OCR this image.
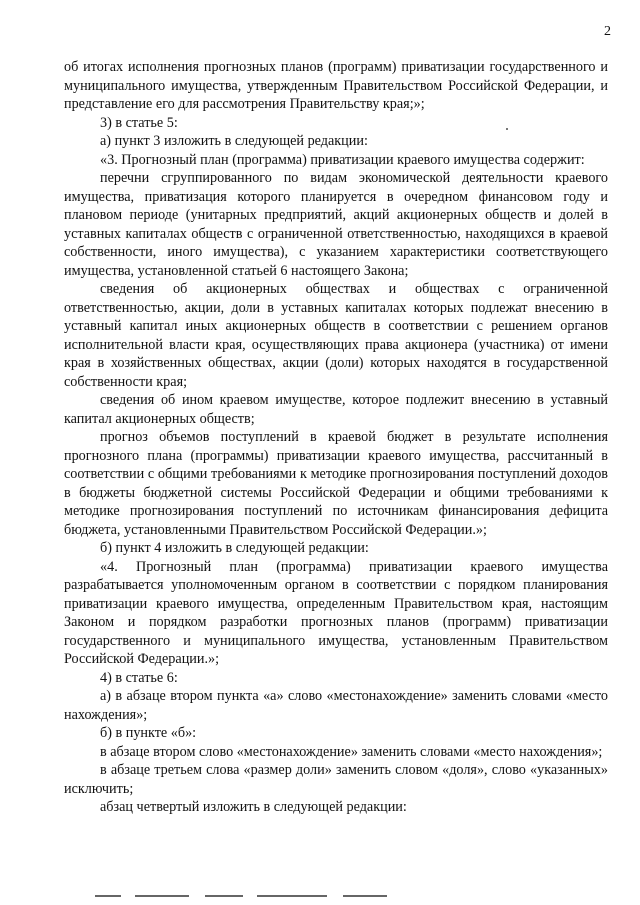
2

об итогах исполнения прогнозных планов (программ) приватизации государственного и муниципального имущества, утвержденным Правительством Российской Федерации, и представление его для рассмотрения Правительству края;»;

3) в статье 5:

а) пункт 3 изложить в следующей редакции:

«3. Прогнозный план (программа) приватизации краевого имущества содержит:

перечни сгруппированного по видам экономической деятельности краевого имущества, приватизация которого планируется в очередном финансовом году и плановом периоде (унитарных предприятий, акций акционерных обществ и долей в уставных капиталах обществ с ограниченной ответственностью, находящихся в краевой собственности, иного имущества), с указанием характеристики соответствующего имущества, установленной статьей 6 настоящего Закона;

сведения об акционерных обществах и обществах с ограниченной ответственностью, акции, доли в уставных капиталах которых подлежат внесению в уставный капитал иных акционерных обществ в соответствии с решением органов исполнительной власти края, осуществляющих права акционера (участника) от имени края в хозяйственных обществах, акции (доли) которых находятся в государственной собственности края;

сведения об ином краевом имуществе, которое подлежит внесению в уставный капитал акционерных обществ;

прогноз объемов поступлений в краевой бюджет в результате исполнения прогнозного плана (программы) приватизации краевого имущества, рассчитанный в соответствии с общими требованиями к методике прогнозирования поступлений доходов в бюджеты бюджетной системы Российской Федерации и общими требованиями к методике прогнозирования поступлений по источникам финансирования дефицита бюджета, установленными Правительством Российской Федерации.»;

б) пункт 4 изложить в следующей редакции:

«4. Прогнозный план (программа) приватизации краевого имущества разрабатывается уполномоченным органом в соответствии с порядком планирования приватизации краевого имущества, определенным Правительством края, настоящим Законом и порядком разработки прогнозных планов (программ) приватизации государственного и муниципального имущества, установленным Правительством Российской Федерации.»;

4) в статье 6:

а) в абзаце втором пункта «а» слово «местонахождение» заменить словами «место нахождения»;

б) в пункте «б»:

в абзаце втором слово «местонахождение» заменить словами «место нахождения»;

в абзаце третьем слова «размер доли» заменить словом «доля», слово «указанных» исключить;

абзац четвертый изложить в следующей редакции:
